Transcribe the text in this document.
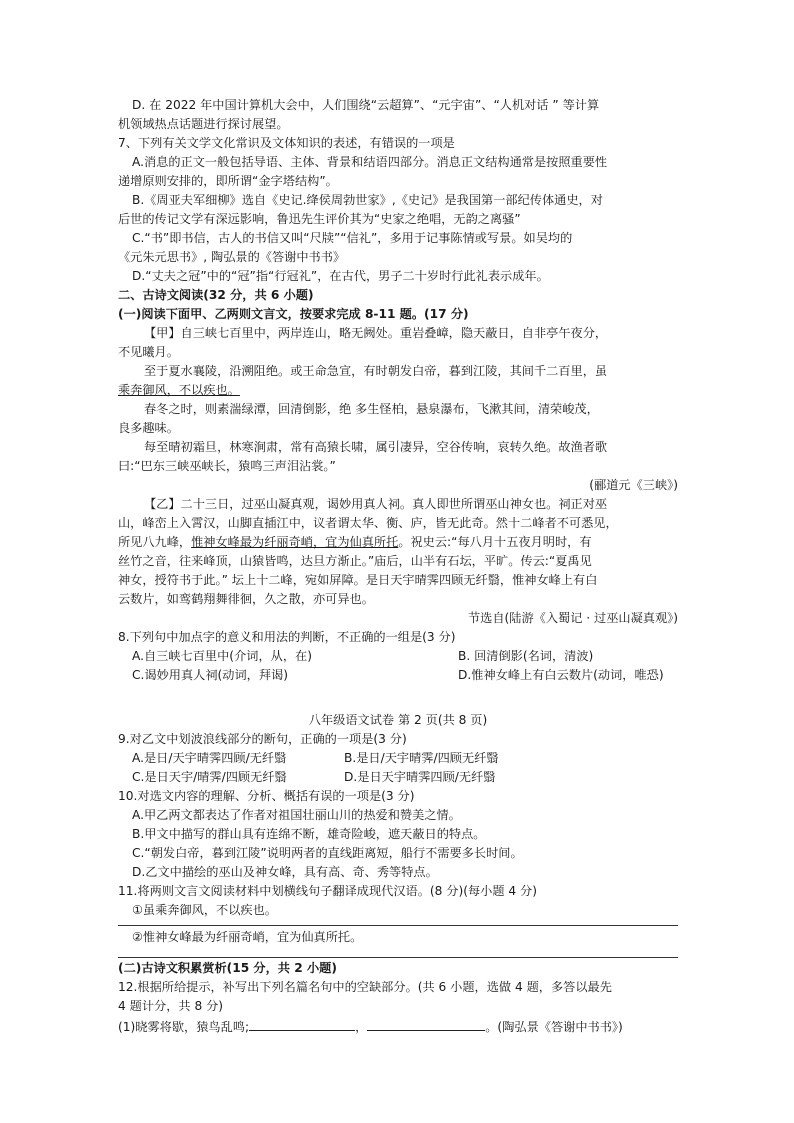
D. 在 2022 年中国计算机大会中，人们围绕“云超算”、“元宇宙”、“人机对话 ” 等计算

机领域热点话题进行探讨展望。

7、下列有关文学文化常识及文体知识的表述，有错误的一项是

A.消息的正文一般包括导语、主体、背景和结语四部分。消息正文结构通常是按照重要性

递增原则安排的，即所谓“金字塔结构”。

B.《周亚夫军细柳》选自《史记.绛侯周勃世家》,《史记》是我国第一部纪传体通史，对

后世的传记文学有深远影响，鲁迅先生评价其为“史家之绝唱，无韵之离骚”

C.“书”即书信，古人的书信又叫“尺牍”“信礼”，多用于记事陈情或写景。如吴均的

《元朱元思书》, 陶弘景的《答谢中书书》

D.“丈夫之冠”中的“冠”指“行冠礼”，在古代，男子二十岁时行此礼表示成年。

二、古诗文阅读(32 分，共 6 小题)

(一)阅读下面甲、乙两则文言文，按要求完成 8-11 题。(17 分)

【甲】自三峡七百里中，两岸连山，略无阙处。重岩叠嶂，隐天蔽日，自非亭午夜分，

不见曦月。

至于夏水襄陵，沿溯阻绝。或王命急宣，有时朝发白帝，暮到江陵，其间千二百里，虽

乘奔御风，不以疾也。

春冬之时，则素湍绿潭，回清倒影，绝 多生怪柏，悬泉瀑布，飞漱其间，清荣峻茂，

良多趣味。

每至晴初霜旦，林寒涧肃，常有高猿长啸，属引凄异，空谷传响，哀转久绝。故渔者歌

曰:“巴东三峡巫峡长，猿鸣三声泪沾裳。”

(郦道元《三峡》)

【乙】二十三日，过巫山凝真观，谒妙用真人祠。真人即世所谓巫山神女也。祠正对巫

山，峰峦上入霄汉，山脚直插江中，议者谓太华、衡、庐，皆无此奇。然十二峰者不可悉见，

所见八九峰，惟神女峰最为纤丽奇峭，宜为仙真所托。祝史云:“每八月十五夜月明时，有

丝竹之音，往来峰顶，山猿皆鸣，达旦方渐止。”庙后，山半有石坛，平旷。传云:“夏禹见

神女，授符书于此。” 坛上十二峰，宛如屏障。是日天宇晴霁四顾无纤翳，惟神女峰上有白

云数片，如鸾鹤翔舞徘徊，久之散，亦可异也。

节选自(陆游《入蜀记 · 过巫山凝真观》)

8.下列句中加点字的意义和用法的判断，不正确的一组是(3 分)

A.自三峡七百里中(介词，从，在)	B. 回清倒影(名词，清波)
C.谒妙用真人祠(动词，拜谒)	D.惟神女峰上有白云数片(动词，唯恐)

八年级语文试卷 第 2 页(共 8 页)

9.对乙文中划波浪线部分的断句，正确的一项是(3 分)

A.是日/天宇晴霁四顾/无纤翳	B.是日/天宇晴霁/四顾无纤翳
C.是日天宇/晴霁/四顾无纤翳	D.是日天宇晴霁四顾/无纤翳

10.对选文内容的理解、分析、概括有误的一项是(3 分)

A.甲乙两文都表达了作者对祖国壮丽山川的热爱和赞美之情。

B.甲文中描写的群山具有连绵不断，雄奇险峻，遮天蔽日的特点。

C.“朝发白帝，暮到江陵”说明两者的直线距离短，船行不需要多长时间。

D.乙文中描绘的巫山及神女峰，具有高、奇、秀等特点。

11.将两则文言文阅读材料中划横线句子翻译成现代汉语。(8 分)(每小题 4 分)

①虽乘奔御风，不以疾也。

②惟神女峰最为纤丽奇峭，宜为仙真所托。

(二)古诗文积累赏析(15 分，共 2 小题)

12.根据所给提示，补写出下列名篇名句中的空缺部分。(共 6 小题，选做 4 题，多答以最先

4 题计分，共 8 分)

(1)晓雾将歇，猿鸟乱鸣;	，	。(陶弘景《答谢中书书》)
